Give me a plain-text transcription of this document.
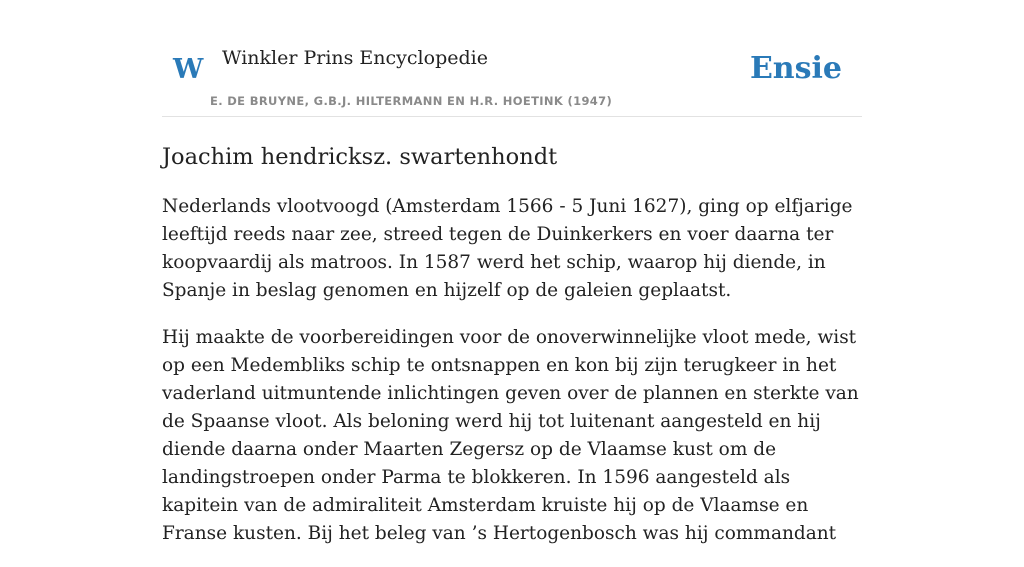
W Winkler Prins Encyclopedie
E. DE BRUYNE, G.B.J. HILTERMANN EN H.R. HOETINK (1947)
Ensie
Joachim hendricksz. swartenhondt

Nederlands vlootvoogd (Amsterdam 1566 - 5 Juni 1627), ging op elfjarige leeftijd reeds naar zee, streed tegen de Duinkerkers en voer daarna ter koopvaardij als matroos. In 1587 werd het schip, waarop hij diende, in Spanje in beslag genomen en hijzelf op de galeien geplaatst.

Hij maakte de voorbereidingen voor de onoverwinnelijke vloot mede, wist op een Medembliks schip te ontsnappen en kon bij zijn terugkeer in het vaderland uitmuntende inlichtingen geven over de plannen en sterkte van de Spaanse vloot. Als beloning werd hij tot luitenant aangesteld en hij diende daarna onder Maarten Zegersz op de Vlaamse kust om de landingstroepen onder Parma te blokkeren. In 1596 aangesteld als kapitein van de admiraliteit Amsterdam kruiste hij op de Vlaamse en Franse kusten. Bij het beleg van ’s Hertogenbosch was hij commandant
